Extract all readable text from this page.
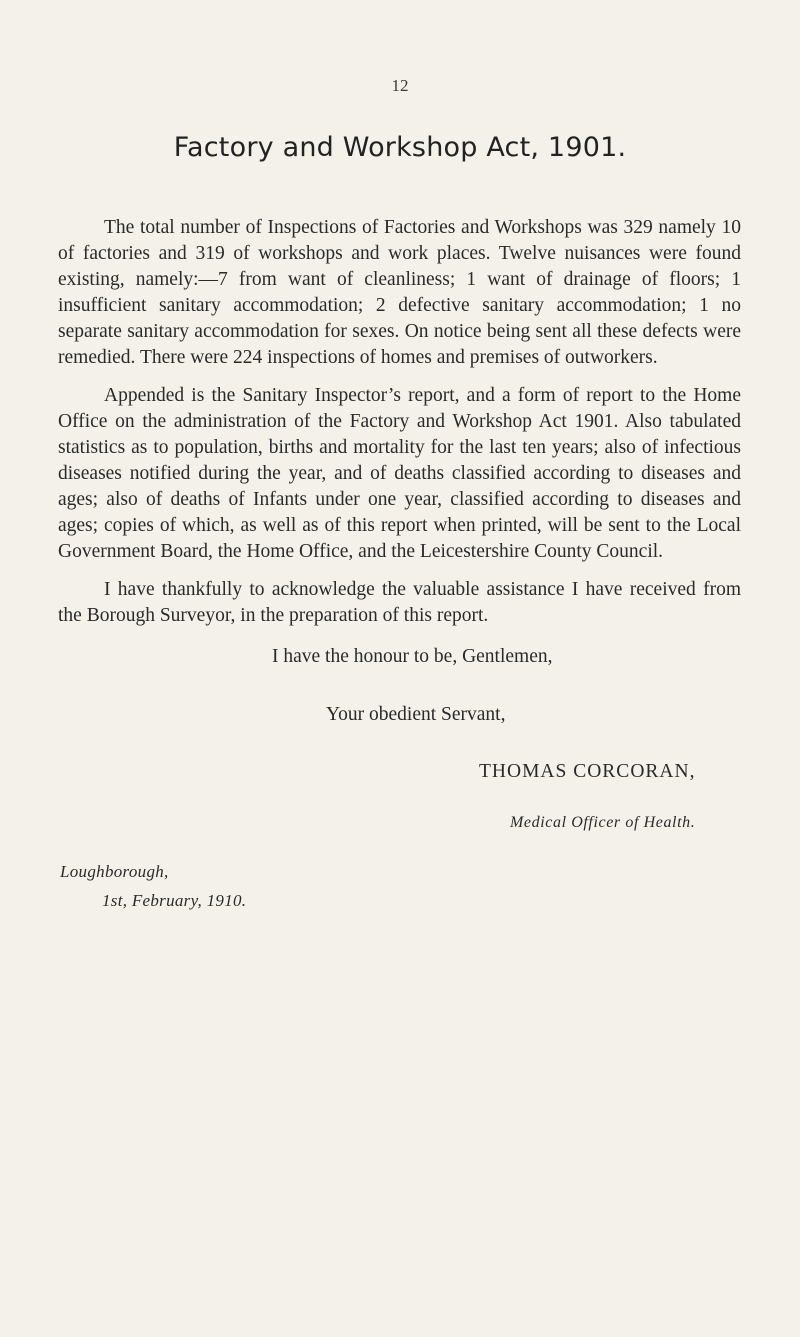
12
Factory and Workshop Act, 1901.

The total number of Inspections of Factories and Workshops was 329 namely 10 of factories and 319 of workshops and work places. Twelve nuisances were found existing, namely:—7 from want of cleanliness; 1 want of drainage of floors; 1 insufficient sanitary accommodation; 2 defective sanitary accommodation; 1 no separate sanitary accommodation for sexes. On notice being sent all these defects were remedied. There were 224 inspections of homes and premises of outworkers.

Appended is the Sanitary Inspector’s report, and a form of report to the Home Office on the administration of the Factory and Workshop Act 1901. Also tabulated statistics as to population, births and mortality for the last ten years; also of infectious diseases notified during the year, and of deaths classified according to diseases and ages; also of deaths of Infants under one year, classified according to diseases and ages; copies of which, as well as of this report when printed, will be sent to the Local Government Board, the Home Office, and the Leicestershire County Council.

I have thankfully to acknowledge the valuable assistance I have received from the Borough Surveyor, in the preparation of this report.

I have the honour to be, Gentlemen,
Your obedient Servant,
THOMAS CORCORAN,
Medical Officer of Health.
Loughborough,
1st, February, 1910.
